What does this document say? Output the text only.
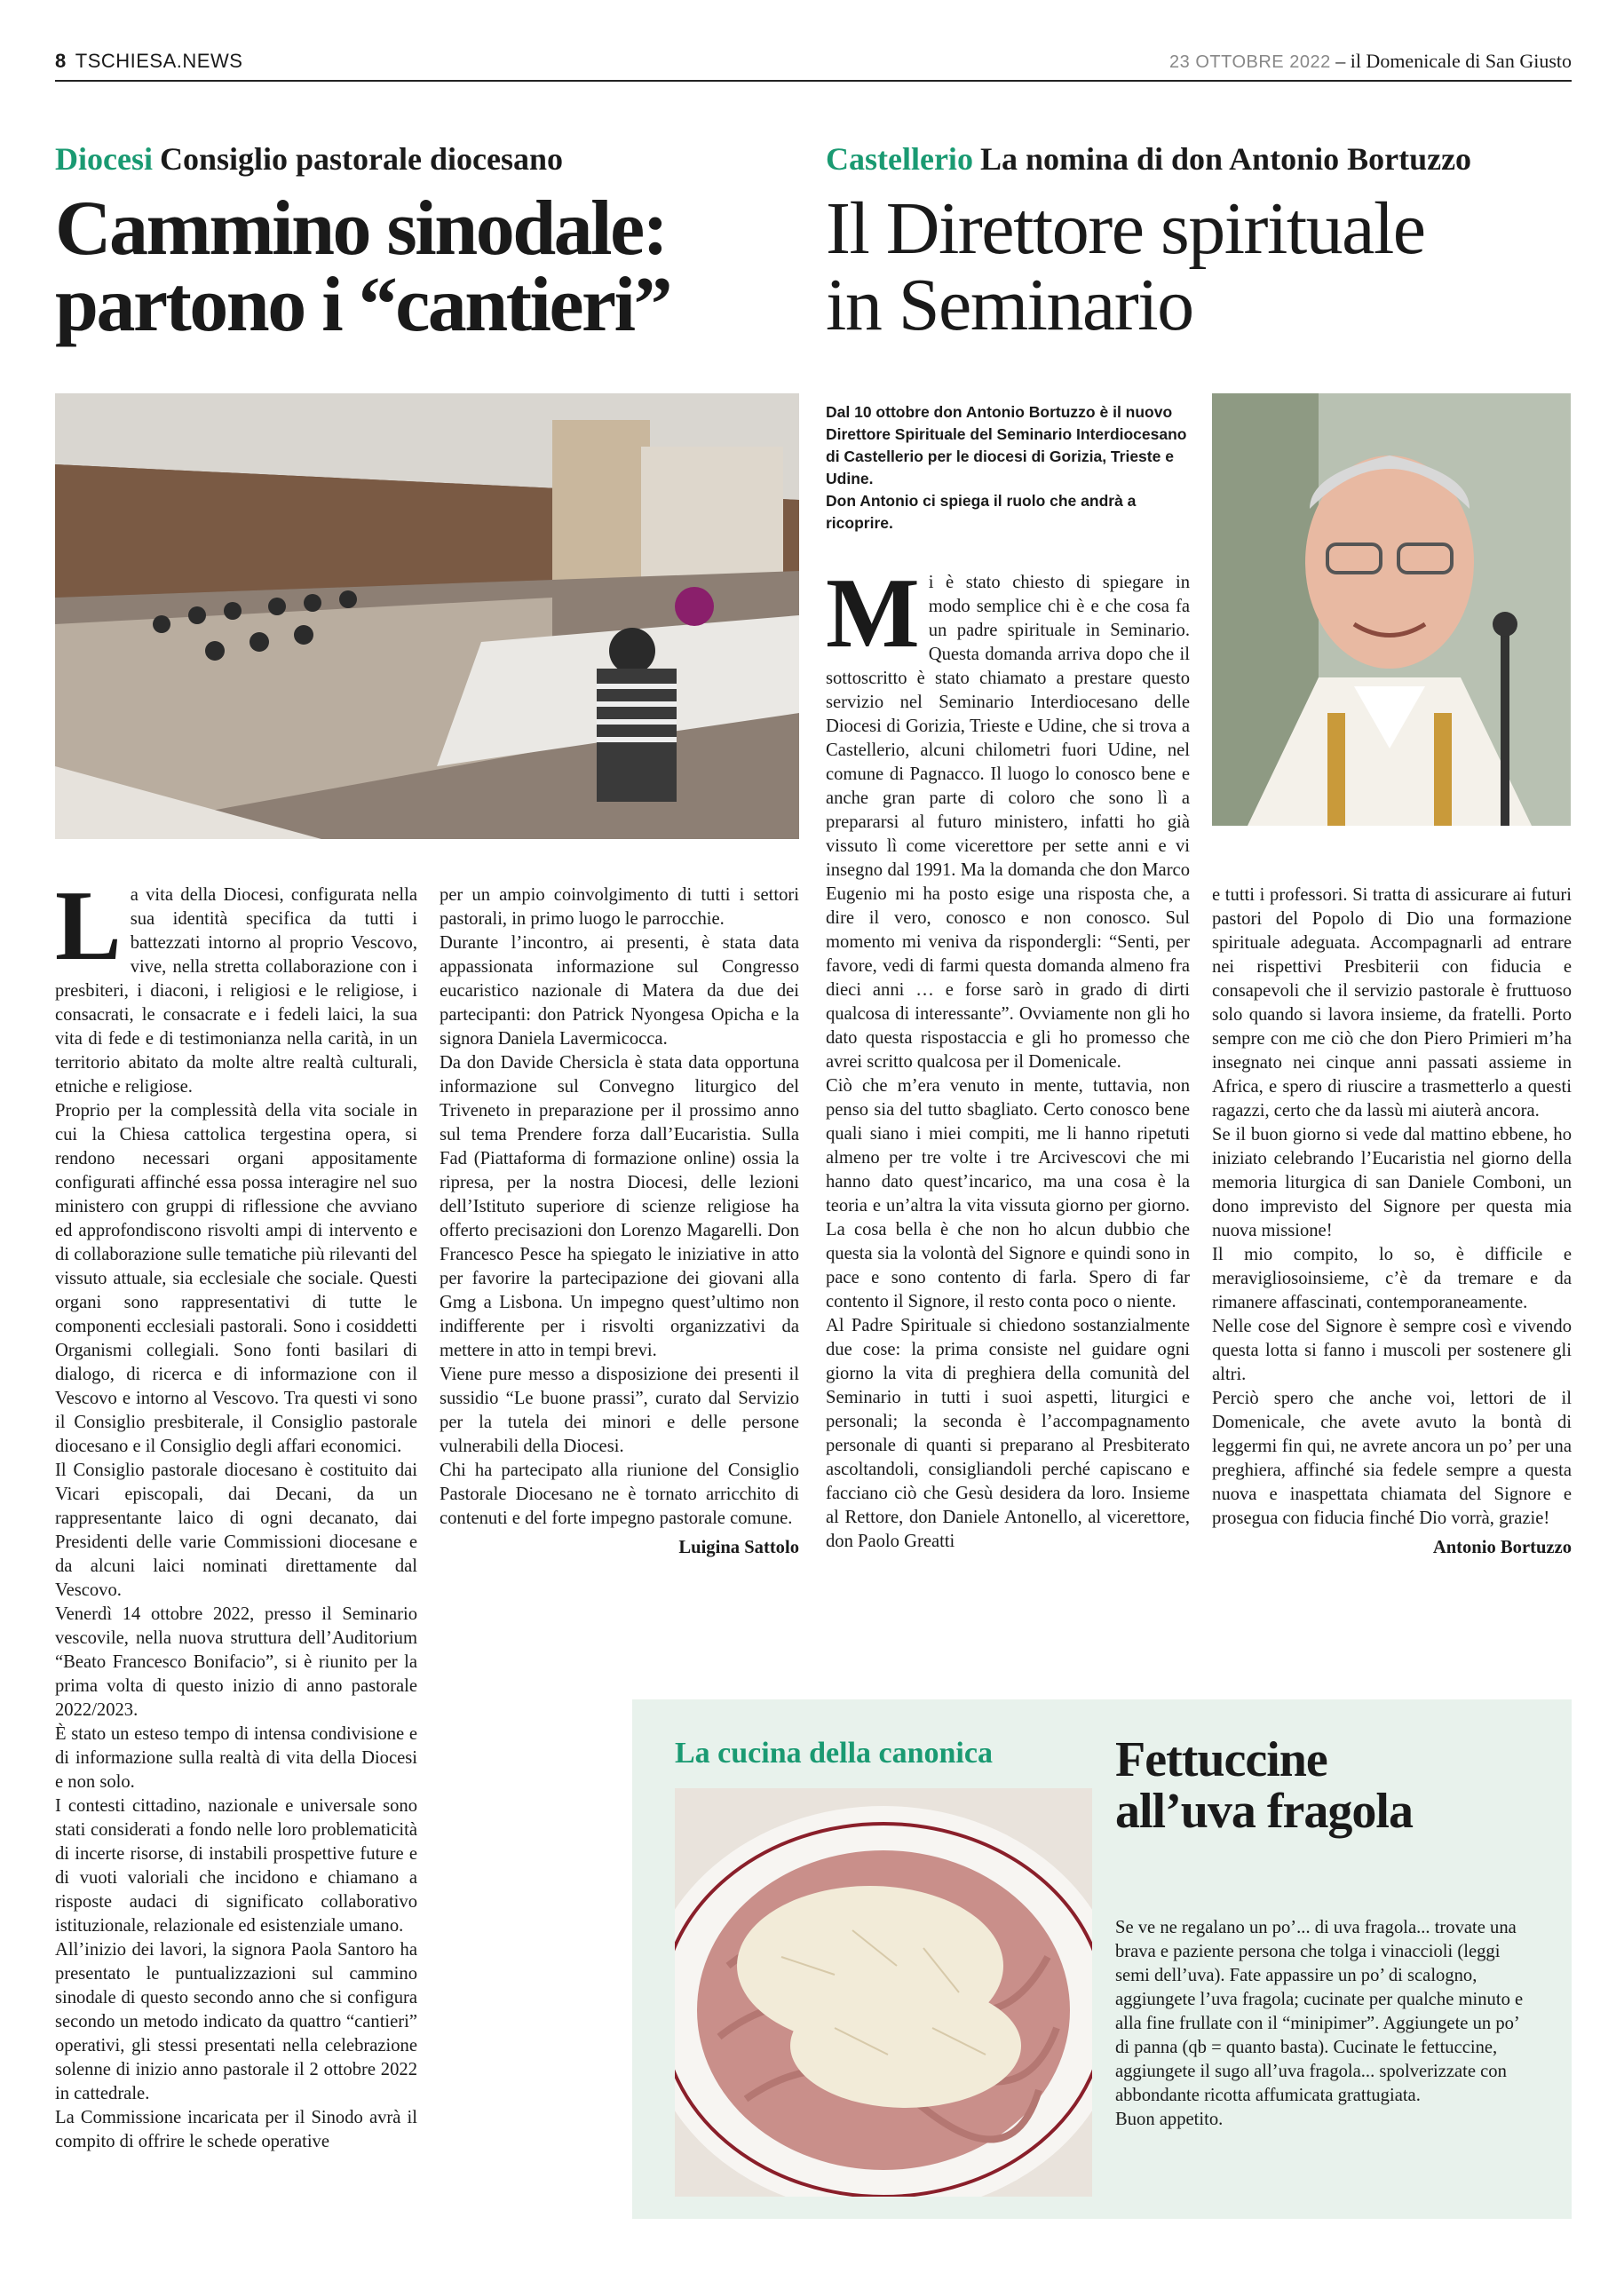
8 TSCHIESA.NEWS	23 OTTOBRE 2022 – il Domenicale di San Giusto
Diocesi Consiglio pastorale diocesano
Cammino sinodale:
partono i “cantieri”
L a vita della Diocesi, configurata nella sua identità specifica da tutti i battezzati intorno al proprio Vescovo, vive, nella stretta collaborazione con i presbiteri, i diaconi, i religiosi e le religiose, i consacrati, le consacrate e i fedeli laici, la sua vita di fede e di testimonianza nella carità, in un territorio abitato da molte altre realtà culturali, etniche e religiose.

Proprio per la complessità della vita sociale in cui la Chiesa cattolica tergestina opera, si rendono necessari organi appositamente configurati affinché essa possa interagire nel suo ministero con gruppi di riflessione che avviano ed approfondiscono risvolti ampi di intervento e di collaborazione sulle tematiche più rilevanti del vissuto attuale, sia ecclesiale che sociale. Questi organi sono rappresentativi di tutte le componenti ecclesiali pastorali. Sono i cosiddetti Organismi collegiali. Sono fonti basilari di dialogo, di ricerca e di informazione con il Vescovo e intorno al Vescovo. Tra questi vi sono il Consiglio presbiterale, il Consiglio pastorale diocesano e il Consiglio degli affari economici.

Il Consiglio pastorale diocesano è costituito dai Vicari episcopali, dai Decani, da un rappresentante laico di ogni decanato, dai Presidenti delle varie Commissioni diocesane e da alcuni laici nominati direttamente dal Vescovo.

Venerdì 14 ottobre 2022, presso il Seminario vescovile, nella nuova struttura dell’Auditorium “Beato Francesco Bonifacio”, si è riunito per la prima volta di questo inizio di anno pastorale 2022/2023.

È stato un esteso tempo di intensa condivisione e di informazione sulla realtà di vita della Diocesi e non solo.

I contesti cittadino, nazionale e universale sono stati considerati a fondo nelle loro problematicità di incerte risorse, di instabili prospettive future e di vuoti valoriali che incidono e chiamano a risposte audaci di significato collaborativo istituzionale, relazionale ed esistenziale umano.

All’inizio dei lavori, la signora Paola Santoro ha presentato le puntualizzazioni sul cammino sinodale di questo secondo anno che si configura secondo un metodo indicato da quattro “cantieri” operativi, gli stessi presentati nella celebrazione solenne di inizio anno pastorale il 2 ottobre 2022 in cattedrale.

La Commissione incaricata per il Sinodo avrà il compito di offrire le schede operative

per un ampio coinvolgimento di tutti i settori pastorali, in primo luogo le parrocchie.

Durante l’incontro, ai presenti, è stata data appassionata informazione sul Congresso eucaristico nazionale di Matera da due dei partecipanti: don Patrick Nyongesa Opicha e la signora Daniela Lavermicocca.

Da don Davide Chersicla è stata data opportuna informazione sul Convegno liturgico del Triveneto in preparazione per il prossimo anno sul tema Prendere forza dall’Eucaristia. Sulla Fad (Piattaforma di formazione online) ossia la ripresa, per la nostra Diocesi, delle lezioni dell’Istituto superiore di scienze religiose ha offerto precisazioni don Lorenzo Magarelli. Don Francesco Pesce ha spiegato le iniziative in atto per favorire la partecipazione dei giovani alla Gmg a Lisbona. Un impegno quest’ultimo non indifferente per i risvolti organizzativi da mettere in atto in tempi brevi.

Viene pure messo a disposizione dei presenti il sussidio “Le buone prassi”, curato dal Servizio per la tutela dei minori e delle persone vulnerabili della Diocesi.

Chi ha partecipato alla riunione del Consiglio Pastorale Diocesano ne è tornato arricchito di contenuti e del forte impegno pastorale comune.

Luigina Sattolo
Castellerio La nomina di don Antonio Bortuzzo
Il Direttore spirituale
in Seminario
Dal 10 ottobre don Antonio Bortuzzo è il nuovo Direttore Spirituale del Seminario Interdiocesano di Castellerio per le diocesi di Gorizia, Trieste e Udine.
Don Antonio ci spiega il ruolo che andrà a ricoprire.
M i è stato chiesto di spiegare in modo semplice chi è e che cosa fa un padre spirituale in Seminario. Questa domanda arriva dopo che il sottoscritto è stato chiamato a prestare questo servizio nel Seminario Interdiocesano delle Diocesi di Gorizia, Trieste e Udine, che si trova a Castellerio, alcuni chilometri fuori Udine, nel comune di Pagnacco. Il luogo lo conosco bene e anche gran parte di coloro che sono lì a prepararsi al futuro ministero, infatti ho già vissuto lì come vicerettore per sette anni e vi insegno dal 1991. Ma la domanda che don Marco Eugenio mi ha posto esige una risposta che, a dire il vero, conosco e non conosco. Sul momento mi veniva da rispondergli: “Senti, per favore, vedi di farmi questa domanda almeno fra dieci anni … e forse sarò in grado di dirti qualcosa di interessante”. Ovviamente non gli ho dato questa rispostaccia e gli ho promesso che avrei scritto qualcosa per il Domenicale.

Ciò che m’era venuto in mente, tuttavia, non penso sia del tutto sbagliato. Certo conosco bene quali siano i miei compiti, me li hanno ripetuti almeno per tre volte i tre Arcivescovi che mi hanno dato quest’incarico, ma una cosa è la teoria e un’altra la vita vissuta giorno per giorno. La cosa bella è che non ho alcun dubbio che questa sia la volontà del Signore e quindi sono in pace e sono contento di farla. Spero di far contento il Signore, il resto conta poco o niente.

Al Padre Spirituale si chiedono sostanzialmente due cose: la prima consiste nel guidare ogni giorno la vita di preghiera della comunità del Seminario in tutti i suoi aspetti, liturgici e personali; la seconda è l’accompagnamento personale di quanti si preparano al Presbiterato ascoltandoli, consigliandoli perché capiscano e facciano ciò che Gesù desidera da loro. Insieme al Rettore, don Daniele Antonello, al vicerettore, don Paolo Greatti

e tutti i professori. Si tratta di assicurare ai futuri pastori del Popolo di Dio una formazione spirituale adeguata. Accompagnarli ad entrare nei rispettivi Presbiterii con fiducia e consapevoli che il servizio pastorale è fruttuoso solo quando si lavora insieme, da fratelli. Porto sempre con me ciò che don Piero Primieri m’ha insegnato nei cinque anni passati assieme in Africa, e spero di riuscire a trasmetterlo a questi ragazzi, certo che da lassù mi aiuterà ancora.

Se il buon giorno si vede dal mattino ebbene, ho iniziato celebrando l’Eucaristia nel giorno della memoria liturgica di san Daniele Comboni, un dono imprevisto del Signore per questa mia nuova missione!

Il mio compito, lo so, è difficile e meravigliosoinsieme, c’è da tremare e da rimanere affascinati, contemporaneamente.

Nelle cose del Signore è sempre così e vivendo questa lotta si fanno i muscoli per sostenere gli altri.

Perciò spero che anche voi, lettori de il Domenicale, che avete avuto la bontà di leggermi fin qui, ne avrete ancora un po’ per una preghiera, affinché sia fedele sempre a questa nuova e inaspettata chiamata del Signore e prosegua con fiducia finché Dio vorrà, grazie!

Antonio Bortuzzo
La cucina della canonica Fettuccine
all’uva fragola

Se ve ne regalano un po’... di uva fragola... trovate una brava e paziente persona che tolga i vinaccioli (leggi semi dell’uva). Fate appassire un po’ di scalogno, aggiungete l’uva fragola; cucinate per qualche minuto e alla fine frullate con il “minipimer”. Aggiungete un po’ di panna (qb = quanto basta). Cucinate le fettuccine, aggiungete il sugo all’uva fragola... spolverizzate con abbondante ricotta affumicata grattugiata.

Buon appetito.
